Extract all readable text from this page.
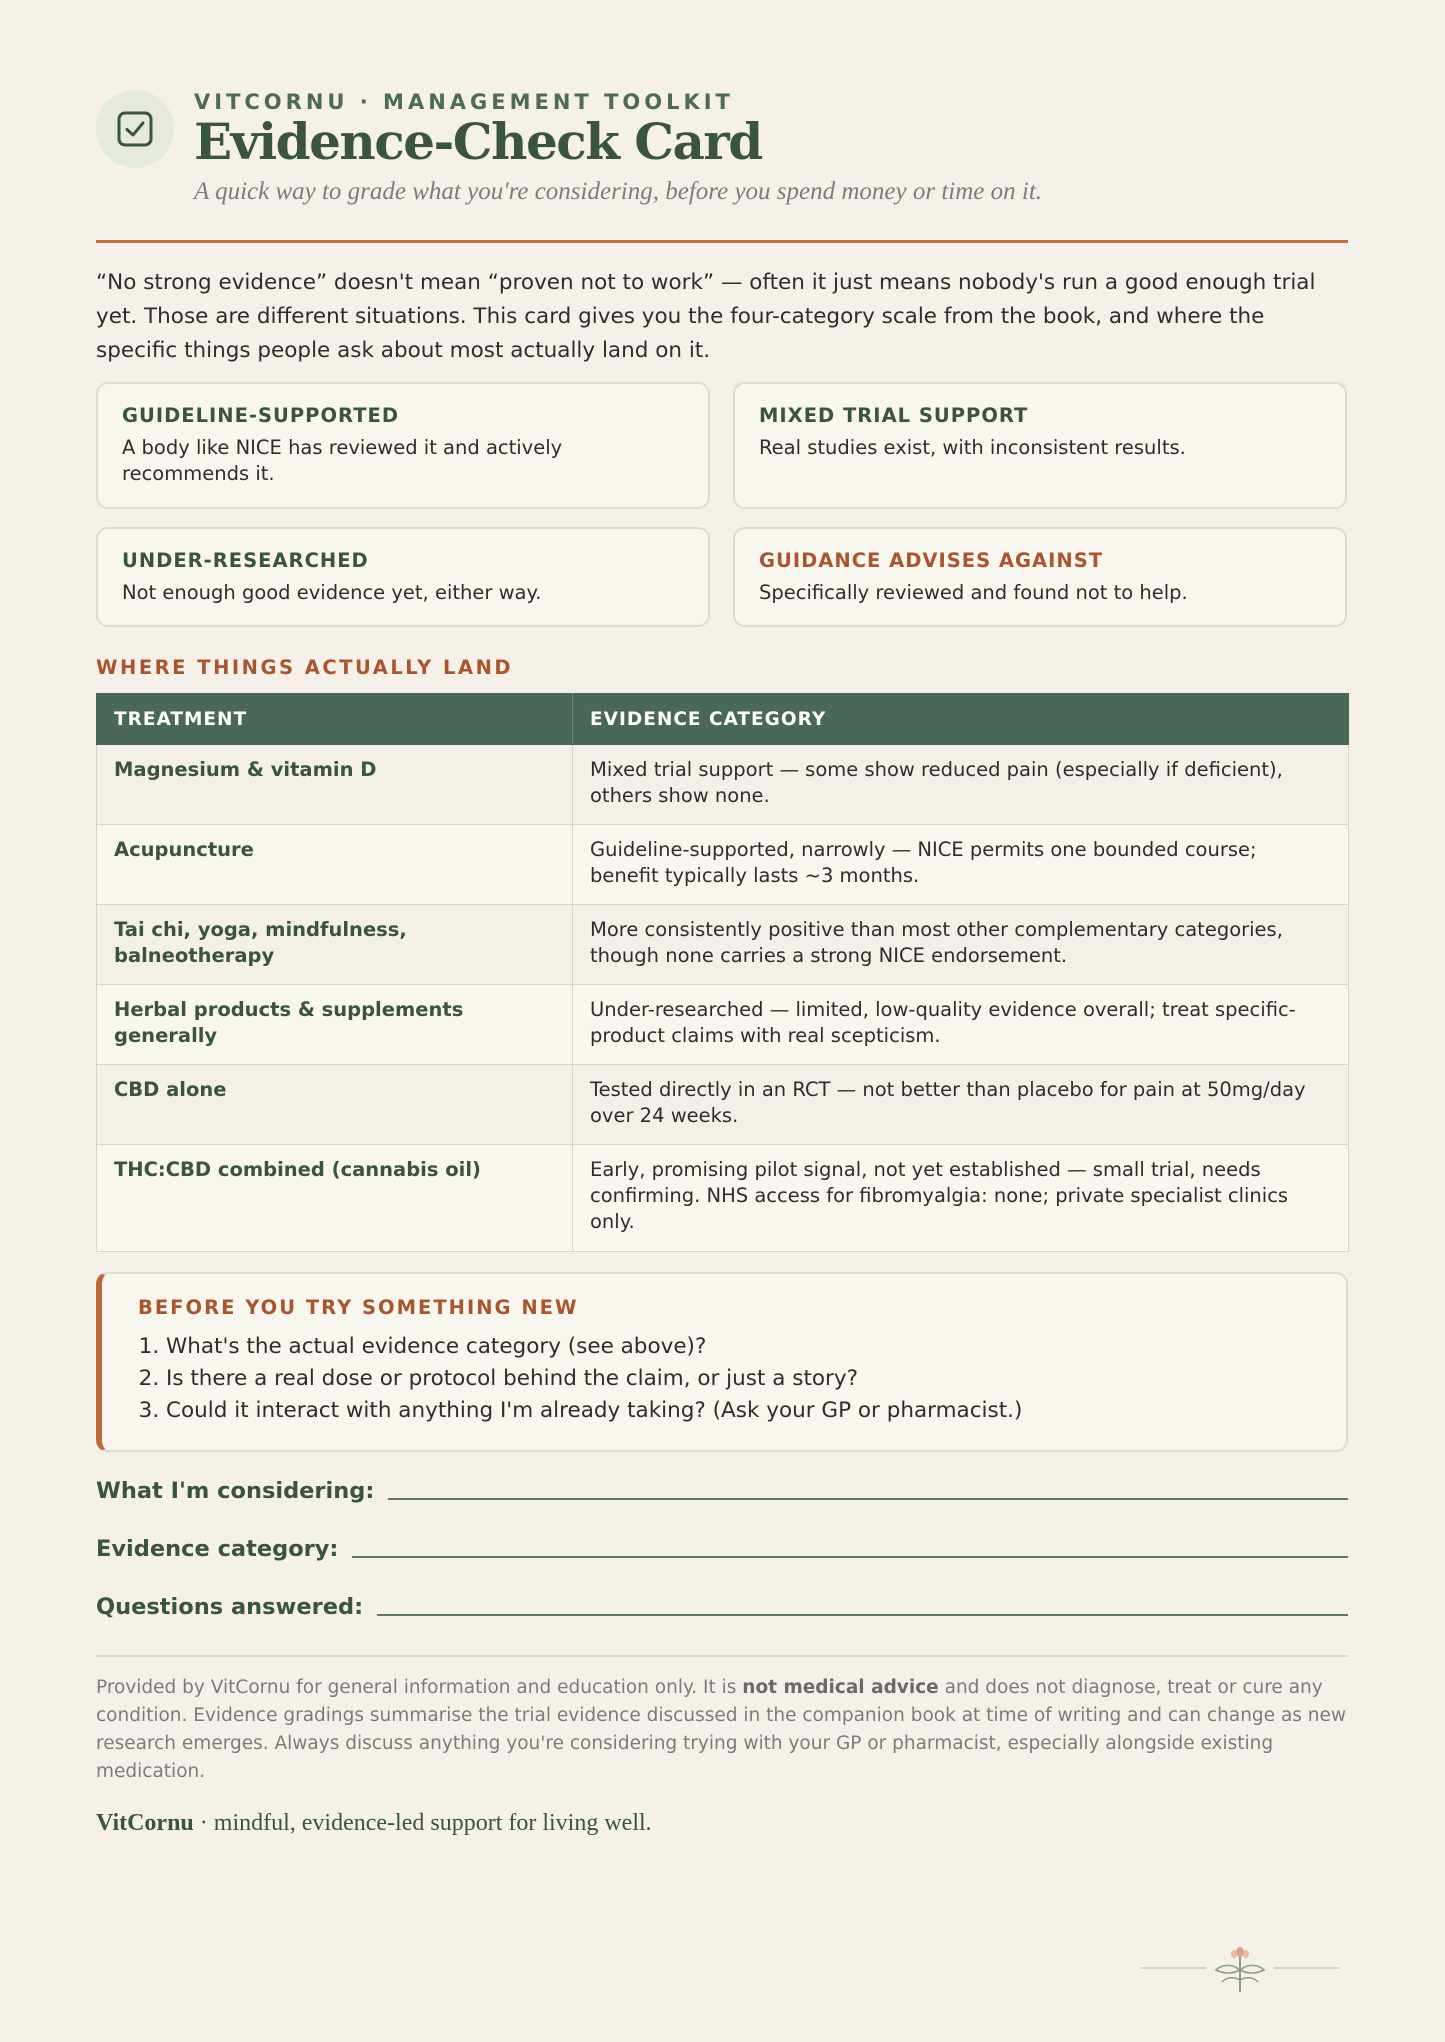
VITCORNU · MANAGEMENT TOOLKIT
Evidence-Check Card
A quick way to grade what you're considering, before you spend money or time on it.

“No strong evidence” doesn't mean “proven not to work” — often it just means nobody's run a good enough trial yet. Those are different situations. This card gives you the four-category scale from the book, and where the specific things people ask about most actually land on it.

GUIDELINE-SUPPORTED
A body like NICE has reviewed it and actively recommends it.
MIXED TRIAL SUPPORT
Real studies exist, with inconsistent results.
UNDER-RESEARCHED
Not enough good evidence yet, either way.
GUIDANCE ADVISES AGAINST
Specifically reviewed and found not to help.
WHERE THINGS ACTUALLY LAND
TREATMENT	EVIDENCE CATEGORY
Magnesium & vitamin D	Mixed trial support — some show reduced pain (especially if deficient), others show none.
Acupuncture	Guideline-supported, narrowly — NICE permits one bounded course; benefit typically lasts ~3 months.
Tai chi, yoga, mindfulness, balneotherapy	More consistently positive than most other complementary categories, though none carries a strong NICE endorsement.
Herbal products & supplements generally	Under-researched — limited, low-quality evidence overall; treat specific-product claims with real scepticism.
CBD alone	Tested directly in an RCT — not better than placebo for pain at 50mg/day over 24 weeks.
THC:CBD combined (cannabis oil)	Early, promising pilot signal, not yet established — small trial, needs confirming. NHS access for fibromyalgia: none; private specialist clinics only.
BEFORE YOU TRY SOMETHING NEW
1. What's the actual evidence category (see above)?
2. Is there a real dose or protocol behind the claim, or just a story?
3. Could it interact with anything I'm already taking? (Ask your GP or pharmacist.)
What I'm considering:
Evidence category:
Questions answered:

Provided by VitCornu for general information and education only. It is not medical advice and does not diagnose, treat or cure any condition. Evidence gradings summarise the trial evidence discussed in the companion book at time of writing and can change as new research emerges. Always discuss anything you're considering trying with your GP or pharmacist, especially alongside existing medication.

VitCornu · mindful, evidence-led support for living well.
